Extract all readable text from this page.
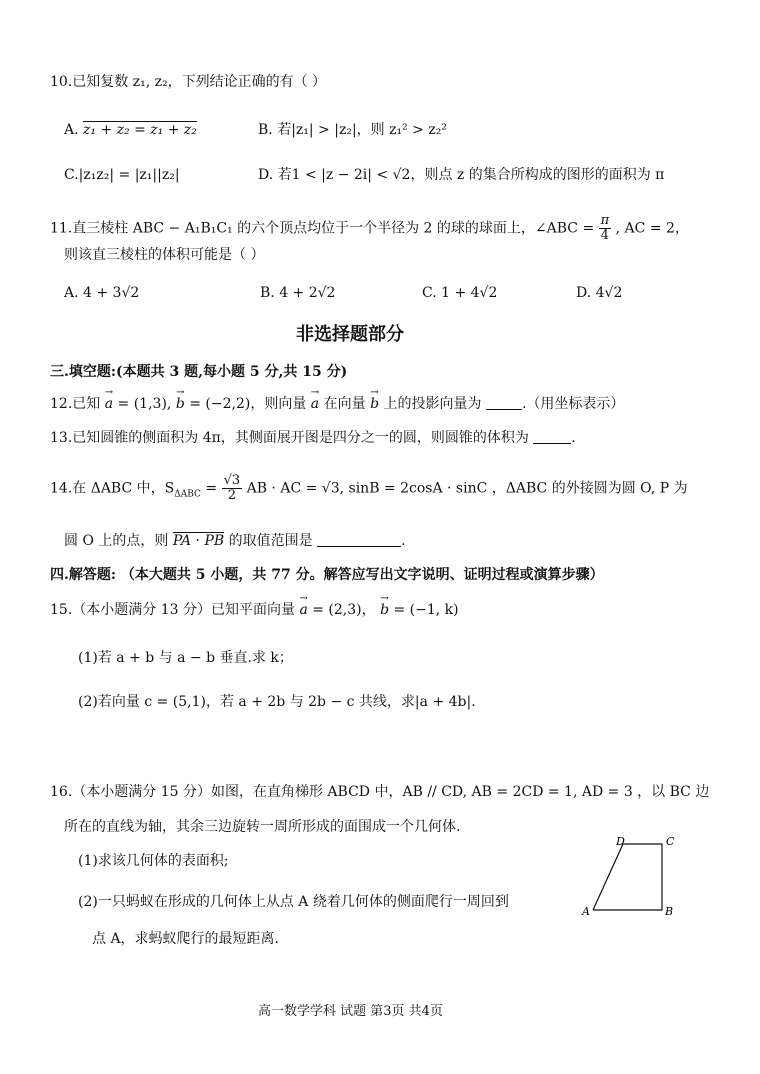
10.已知复数 z₁, z₂，下列结论正确的有（ ）
A. z₁ + z₂ = z₁ + z₂	B. 若|z₁| > |z₂|，则 z₁² > z₂²
C.|z₁z₂| = |z₁||z₂|	D. 若1 < |z − 2i| < √2，则点 z 的集合所构成的图形的面积为 π
11.直三棱柱 ABC − A₁B₁C₁ 的六个顶点均位于一个半径为 2 的球的球面上，∠ABC = $\frac{\pi}{4}$ , AC = 2，
则该直三棱柱的体积可能是（ ）
A. 4 + 3√2	B. 4 + 2√2	C. 1 + 4√2	D. 4√2
非选择题部分
三.填空题:(本题共 3 题,每小题 5 分,共 15 分)
12.已知 → a = (1,3), → b = (−2,2)，则向量 → a 在向量 → b 上的投影向量为	.（用坐标表示）
13.已知圆锥的侧面积为 4π，其侧面展开图是四分之一的圆，则圆锥的体积为	.
14.在 ΔABC 中，$S_{\Delta ABC} = \frac{√3}{2}$ AB · AC = √3, sinB = 2cosA · sinC ，ΔABC 的外接圆为圆 O, P 为
圆 O 上的点，则 PA · PB 的取值范围是	.
四.解答题: （本大题共 5 小题，共 77 分。解答应写出文字说明、证明过程或演算步骤）
15.（本小题满分 13 分）已知平面向量 → a = (2,3)， → b = (−1, k)
(1)若 a + b 与 a − b 垂直.求 k；
(2)若向量 c = (5,1)，若 a + 2b 与 2b − c 共线，求|a + 4b|.
16.（本小题满分 15 分）如图，在直角梯形 ABCD 中，AB // CD, AB = 2CD = 1, AD = 3 ，以 BC 边
所在的直线为轴，其余三边旋转一周所形成的面围成一个几何体.
(1)求该几何体的表面积;
(2)一只蚂蚁在形成的几何体上从点 A 绕着几何体的侧面爬行一周回到
点 A，求蚂蚁爬行的最短距离.
D	C
A	B
高一数学学科 试题 第3页 共4页
